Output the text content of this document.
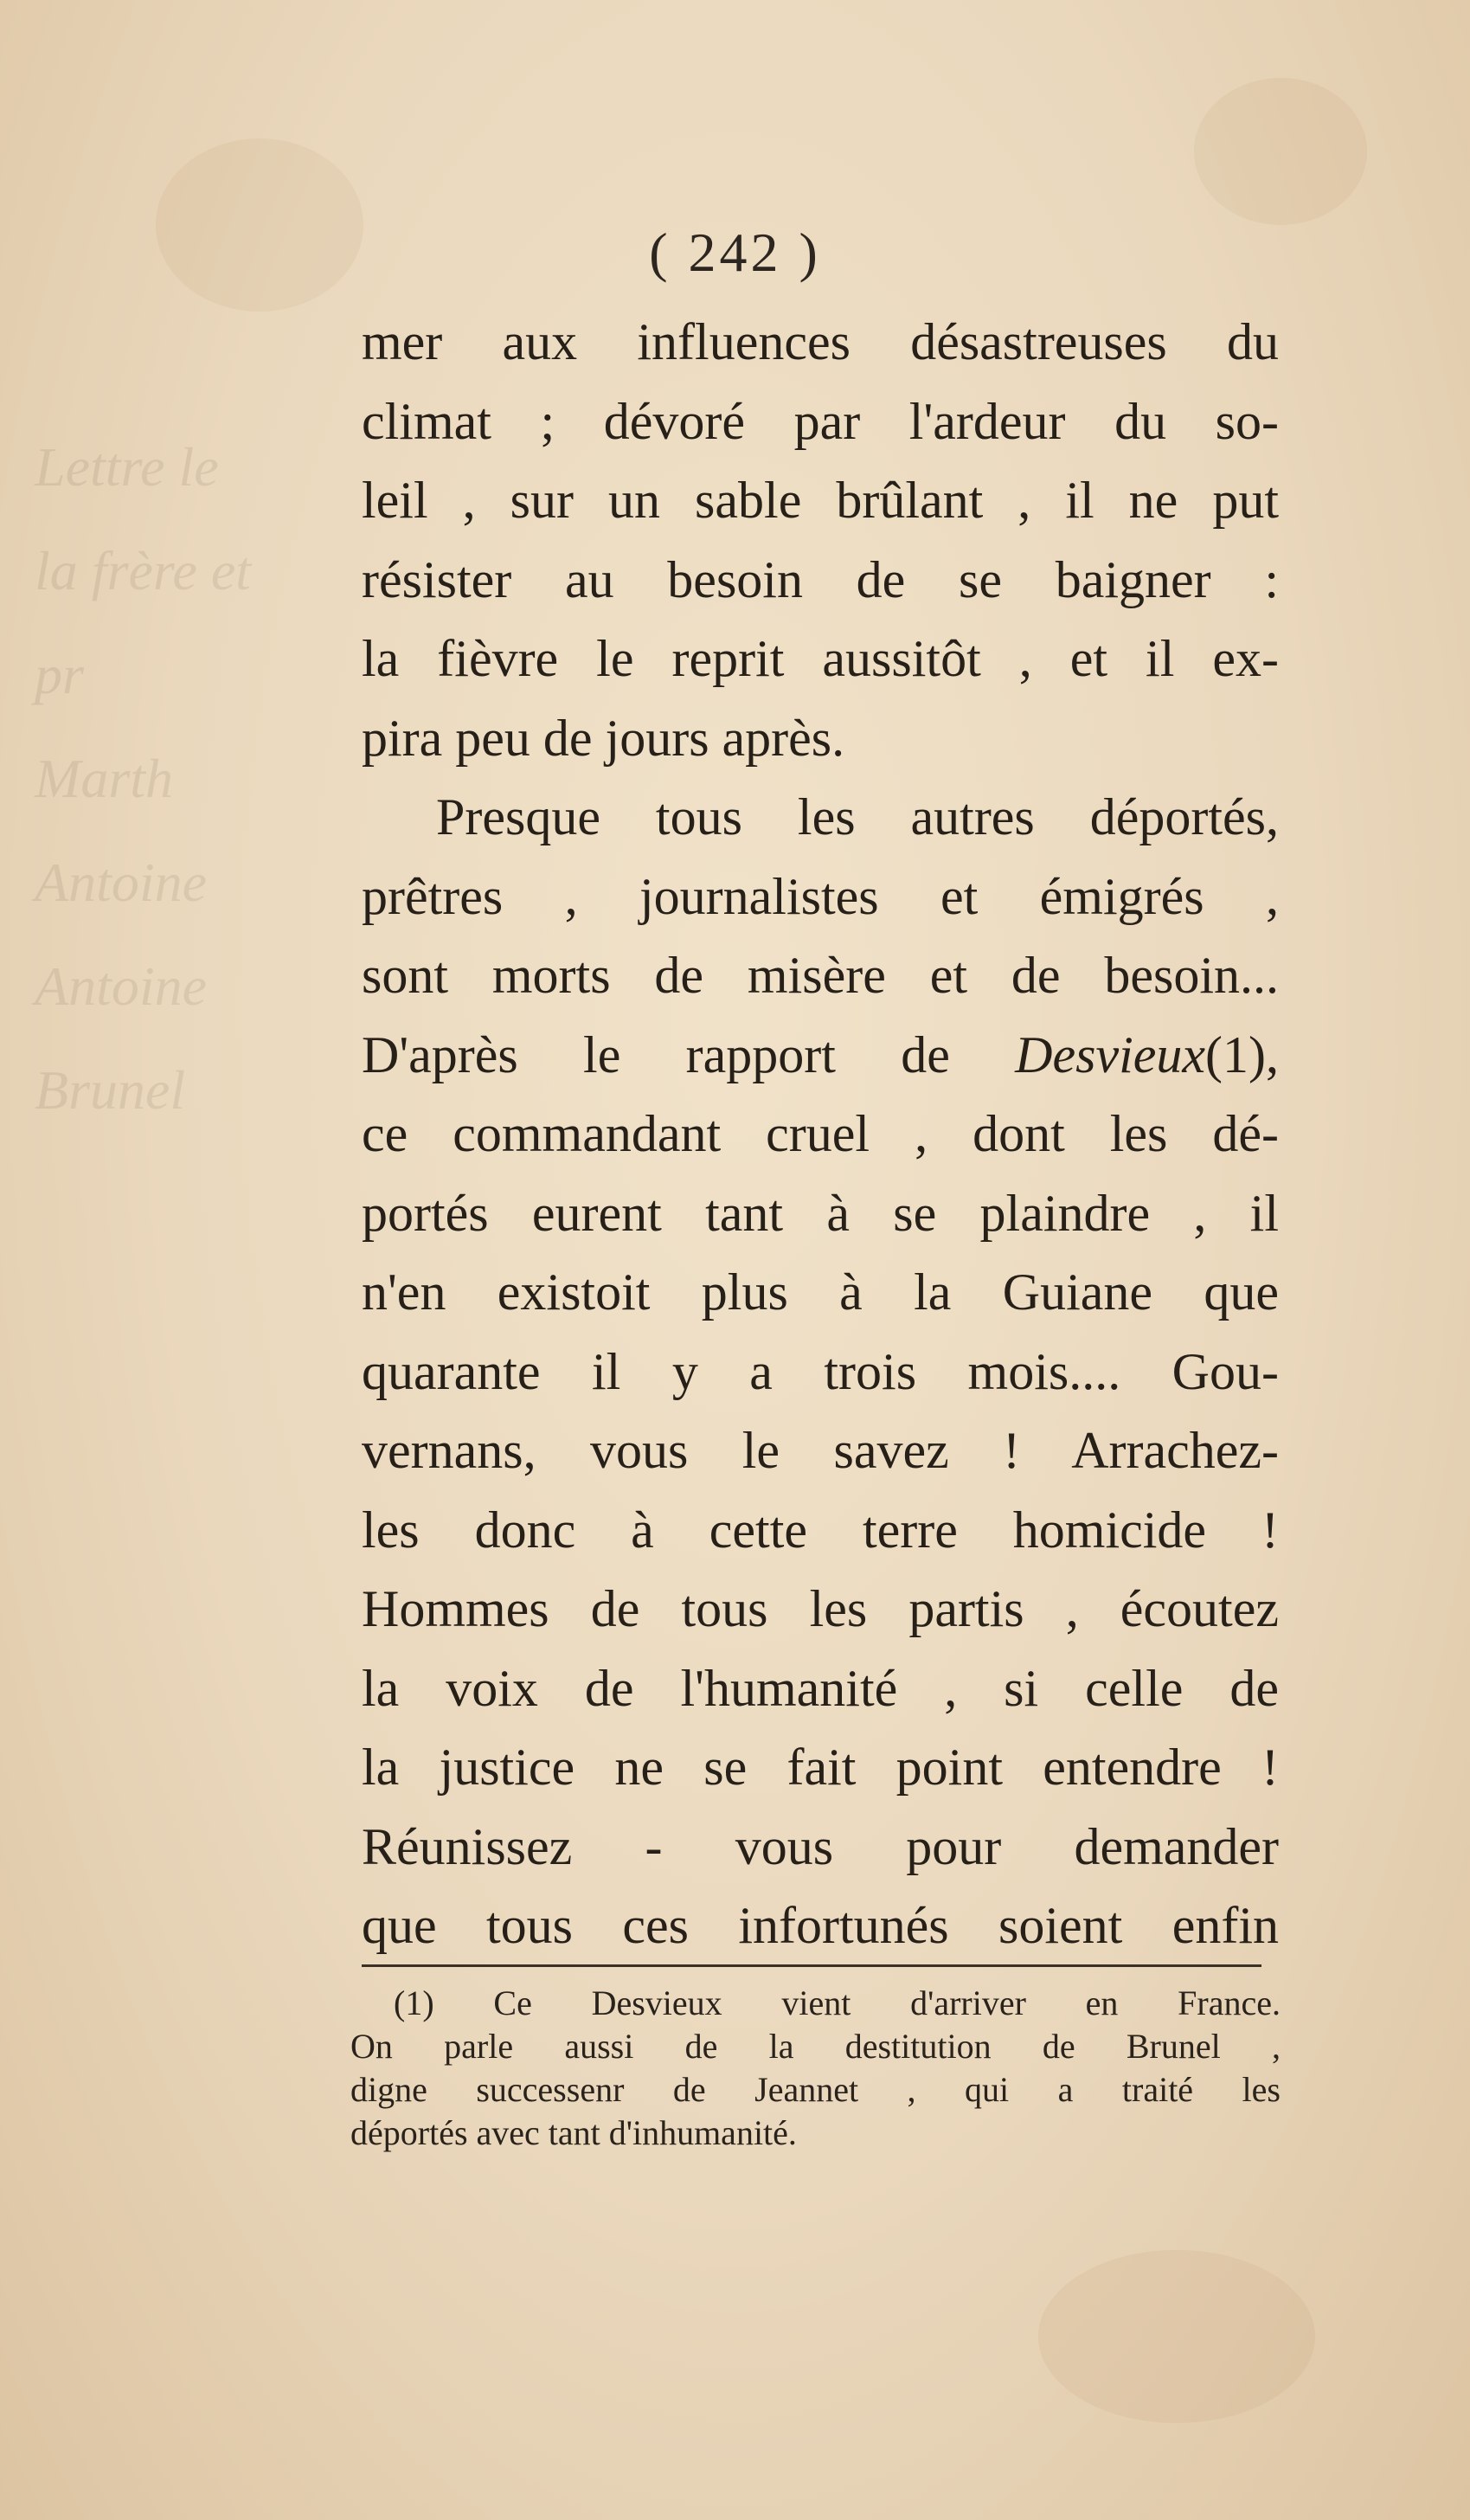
Lettre le
la frère et
pr
Marth
Antoine
Antoine
Brunel
( 242 )
mer aux influences désastreuses du
climat ; dévoré par l'ardeur du so-
leil , sur un sable brûlant , il ne put
résister au besoin de se baigner :
la fièvre le reprit aussitôt , et il ex-
pira peu de jours après.
Presque tous les autres déportés,
prêtres , journalistes et émigrés ,
sont morts de misère et de besoin...
D'après le rapport de Desvieux(1),
ce commandant cruel , dont les dé-
portés eurent tant à se plaindre , il
n'en existoit plus à la Guiane que
quarante il y a trois mois.... Gou-
vernans, vous le savez ! Arrachez-
les donc à cette terre homicide !
Hommes de tous les partis , écoutez
la voix de l'humanité , si celle de
la justice ne se fait point entendre !
Réunissez - vous pour demander
que tous ces infortunés soient enfin
(1) Ce Desvieux vient d'arriver en France.
On parle aussi de la destitution de Brunel ,
digne successenr de Jeannet , qui a traité les
déportés avec tant d'inhumanité.
